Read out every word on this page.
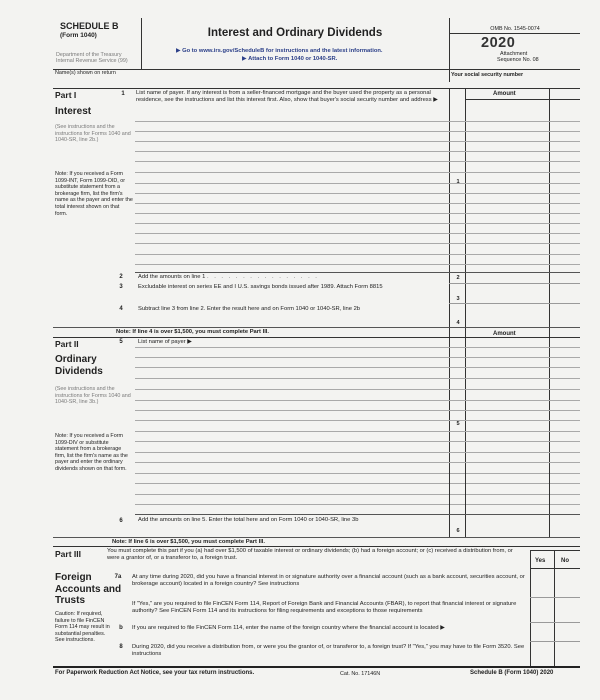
SCHEDULE B
(Form 1040)
Department of the Treasury
Internal Revenue Service (99)
Interest and Ordinary Dividends
▶ Go to www.irs.gov/ScheduleB for instructions and the latest information.
▶ Attach to Form 1040 or 1040-SR.
OMB No. 1545-0074
2020
Attachment
Sequence No. 08
Name(s) shown on return	Your social security number
Part I
Interest
(See instructions and the instructions for Forms 1040 and 1040-SR, line 2b.)
Note: If you received a Form 1099-INT, Form 1099-OID, or substitute statement from a brokerage firm, list the firm's name as the payer and enter the total interest shown on that form.
1	List name of payer. If any interest is from a seller-financed mortgage and the buyer used the property as a personal residence, see the instructions and list this interest first. Also, show that buyer's social security number and address ▶
Amount
1
2	Add the amounts on line 1 . . . . . . . . . . . . . . . .	2
3	Excludable interest on series EE and I U.S. savings bonds issued after 1989. Attach Form 8815
3
4	Subtract line 3 from line 2. Enter the result here and on Form 1040 or 1040-SR, line 2b
4
Note: If line 4 is over $1,500, you must complete Part III.
Part II
Ordinary Dividends
5	List name of payer ▶
Amount
(See instructions and the instructions for Forms 1040 and 1040-SR, line 3b.)
Note: If you received a Form 1099-DIV or substitute statement from a brokerage firm, list the firm's name as the payer and enter the ordinary dividends shown on that form.
5
6	Add the amounts on line 5. Enter the total here and on Form 1040 or 1040-SR, line 3b
6
Note: If line 6 is over $1,500, you must complete Part III.
Part III
Foreign Accounts and Trusts
You must complete this part if you (a) had over $1,500 of taxable interest or ordinary dividends; (b) had a foreign account; or (c) received a distribution from, or were a grantor of, or a transferor to, a foreign trust.	Yes	No
7a	At any time during 2020, did you have a financial interest in or signature authority over a financial account (such as a bank account, securities account, or brokerage account) located in a foreign country? See instructions
If "Yes," are you required to file FinCEN Form 114, Report of Foreign Bank and Financial Accounts (FBAR), to report that financial interest or signature authority? See FinCEN Form 114 and its instructions for filing requirements and exceptions to those requirements
b	If you are required to file FinCEN Form 114, enter the name of the foreign country where the financial account is located ▶
8	During 2020, did you receive a distribution from, or were you the grantor of, or transferor to, a foreign trust? If "Yes," you may have to file Form 3520. See instructions
Caution: If required, failure to file FinCEN Form 114 may result in substantial penalties. See instructions.
For Paperwork Reduction Act Notice, see your tax return instructions.	Cat. No. 17146N	Schedule B (Form 1040) 2020
